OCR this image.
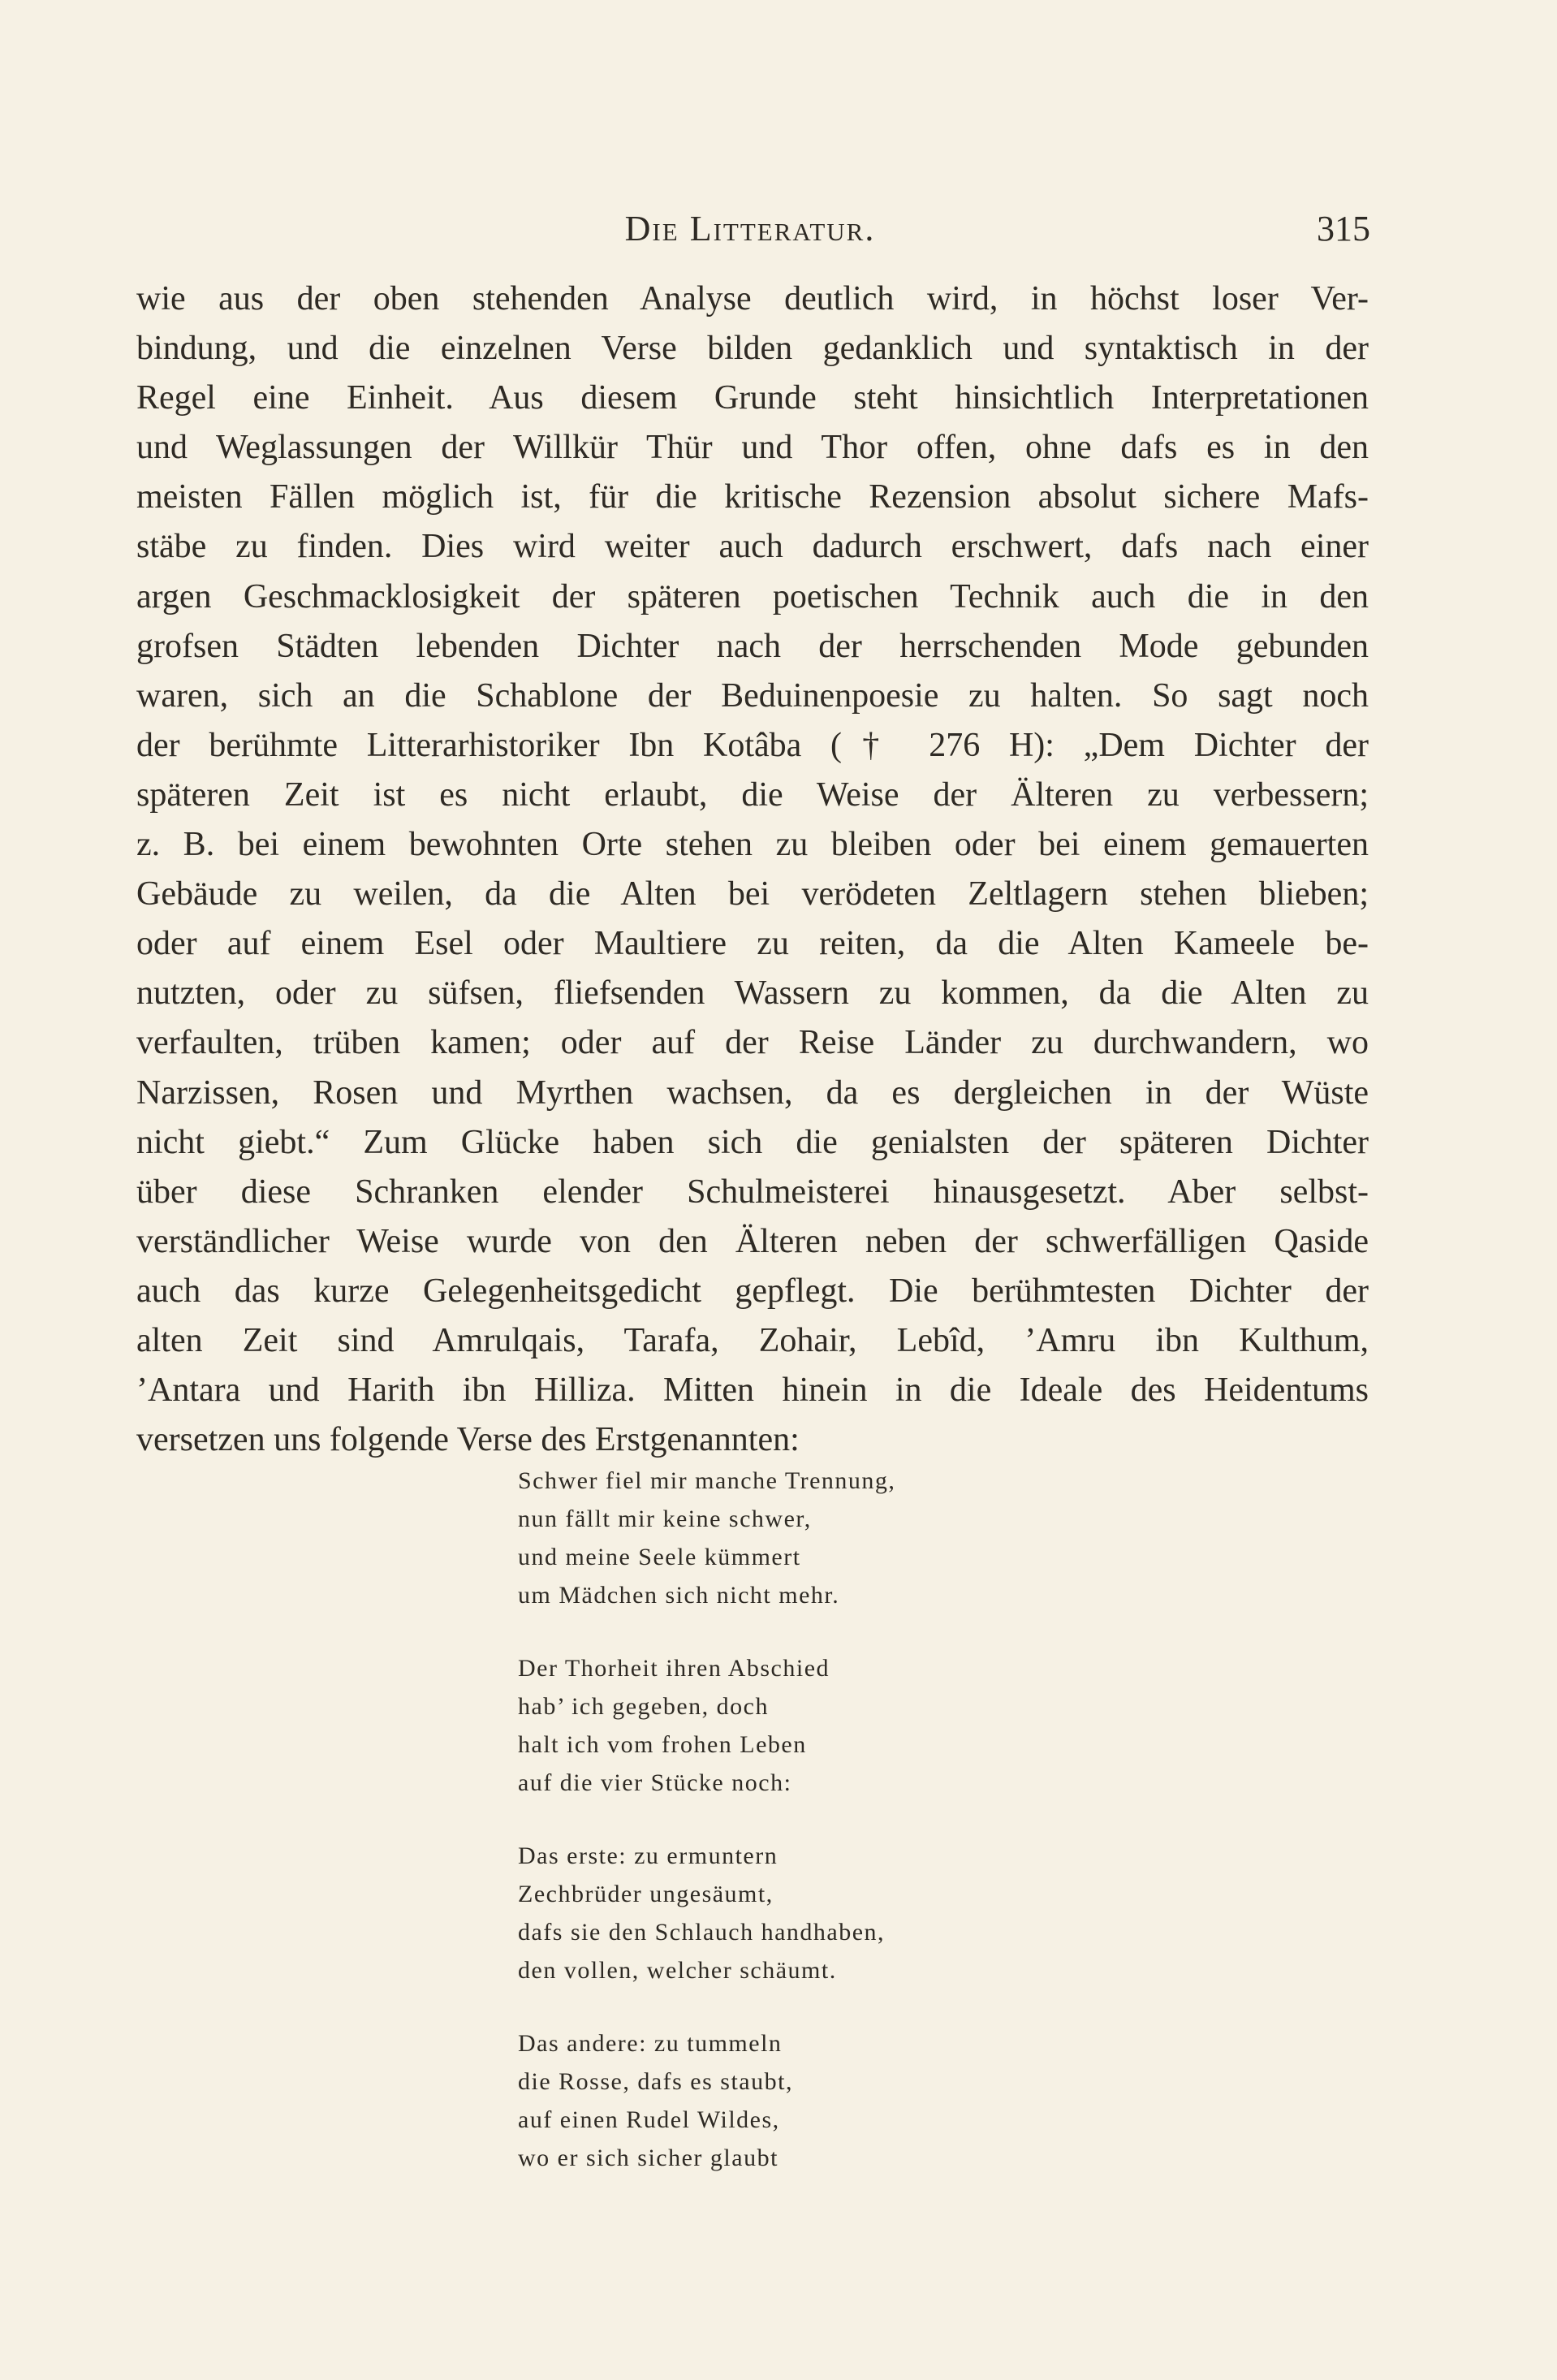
Die Litteratur.	315
wie aus der oben stehenden Analyse deutlich wird, in höchst loser Ver-
bindung, und die einzelnen Verse bilden gedanklich und syntaktisch in der
Regel eine Einheit. Aus diesem Grunde steht hinsichtlich Interpretationen
und Weglassungen der Willkür Thür und Thor offen, ohne dafs es in den
meisten Fällen möglich ist, für die kritische Rezension absolut sichere Mafs-
stäbe zu finden. Dies wird weiter auch dadurch erschwert, dafs nach einer
argen Geschmacklosigkeit der späteren poetischen Technik auch die in den
grofsen Städten lebenden Dichter nach der herrschenden Mode gebunden
waren, sich an die Schablone der Beduinenpoesie zu halten. So sagt noch
der berühmte Litterarhistoriker Ibn Kotâba († 276 H): „Dem Dichter der
späteren Zeit ist es nicht erlaubt, die Weise der Älteren zu verbessern;
z. B. bei einem bewohnten Orte stehen zu bleiben oder bei einem gemauerten
Gebäude zu weilen, da die Alten bei verödeten Zeltlagern stehen blieben;
oder auf einem Esel oder Maultiere zu reiten, da die Alten Kameele be-
nutzten, oder zu süfsen, fliefsenden Wassern zu kommen, da die Alten zu
verfaulten, trüben kamen; oder auf der Reise Länder zu durchwandern, wo
Narzissen, Rosen und Myrthen wachsen, da es dergleichen in der Wüste
nicht giebt.“ Zum Glücke haben sich die genialsten der späteren Dichter
über diese Schranken elender Schulmeisterei hinausgesetzt. Aber selbst-
verständlicher Weise wurde von den Älteren neben der schwerfälligen Qaside
auch das kurze Gelegenheitsgedicht gepflegt. Die berühmtesten Dichter der
alten Zeit sind Amrulqais, Tarafa, Zohair, Lebîd, ’Amru ibn Kulthum,
’Antara und Harith ibn Hilliza. Mitten hinein in die Ideale des Heidentums
versetzen uns folgende Verse des Erstgenannten:
Schwer fiel mir manche Trennung,
nun fällt mir keine schwer,
und meine Seele kümmert
um Mädchen sich nicht mehr.
Der Thorheit ihren Abschied
hab’ ich gegeben, doch
halt ich vom frohen Leben
auf die vier Stücke noch:
Das erste: zu ermuntern
Zechbrüder ungesäumt,
dafs sie den Schlauch handhaben,
den vollen, welcher schäumt.
Das andere: zu tummeln
die Rosse, dafs es staubt,
auf einen Rudel Wildes,
wo er sich sicher glaubt
